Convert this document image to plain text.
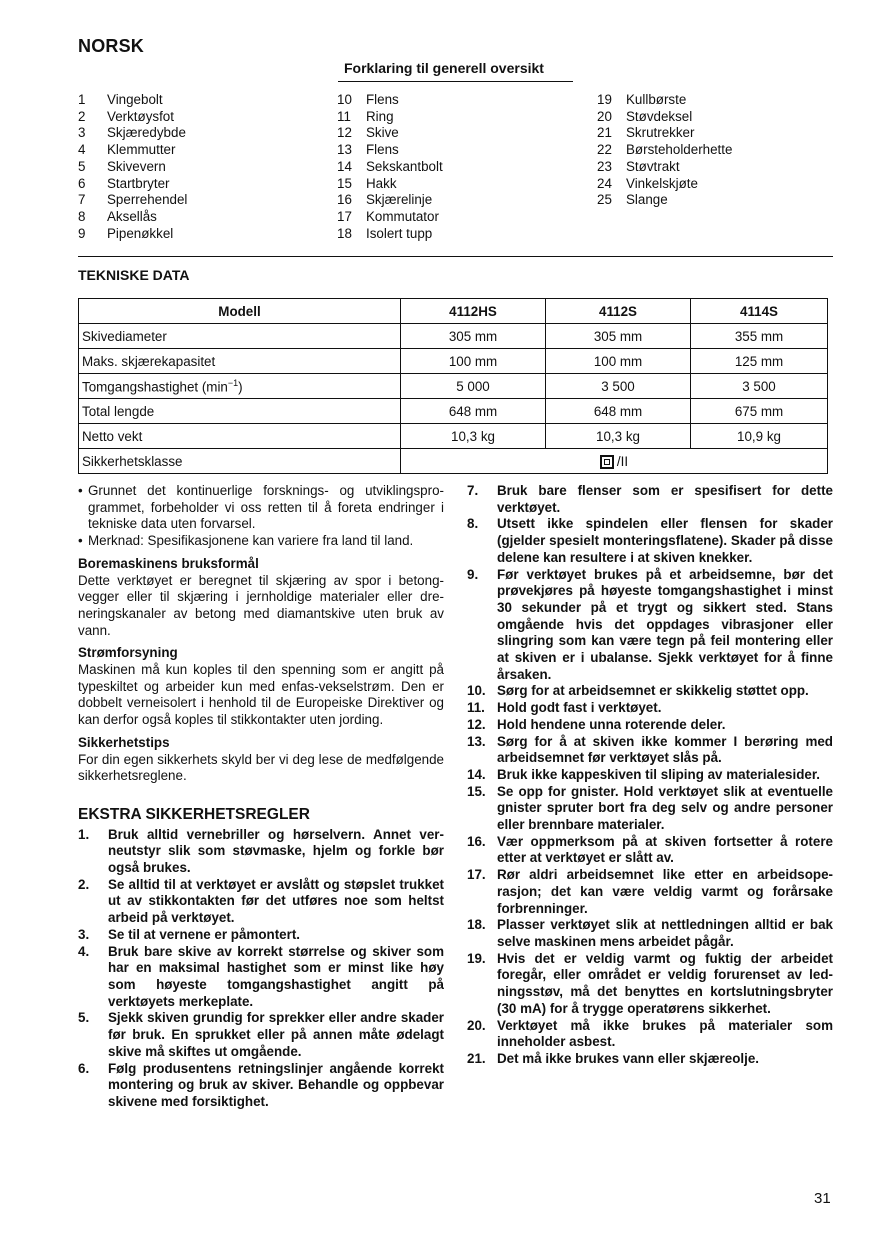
NORSK
Forklaring til generell oversikt
1	Vingebolt
2	Verktøysfot
3	Skjæredybde
4	Klemmutter
5	Skivevern
6	Startbryter
7	Sperrehendel
8	Aksellås
9	Pipenøkkel
10	Flens
11	Ring
12	Skive
13	Flens
14	Sekskantbolt
15	Hakk
16	Skjærelinje
17	Kommutator
18	Isolert tupp
19	Kullbørste
20	Støvdeksel
21	Skrutrekker
22	Børsteholderhette
23	Støvtrakt
24	Vinkelskjøte
25	Slange
TEKNISKE DATA
Modell	4112HS	4112S	4114S
Skivediameter	305 mm	305 mm	355 mm
Maks. skjærekapasitet	100 mm	100 mm	125 mm
Tomgangshastighet $(\min^{-1})$	5 000	3 500	3 500
Total lengde	648 mm	648 mm	675 mm
Netto vekt	10,3 kg	10,3 kg	10,9 kg
Sikkerhetsklasse	/II		
• Grunnet det kontinuerlige forsknings- og utviklingsprogrammet, forbeholder vi oss retten til å foreta endringer i tekniske data uten forvarsel.

• Merknad: Spesifikasjonene kan variere fra land til land.

Boremaskinens bruksformål

Dette verktøyet er beregnet til skjæring av spor i betongvegger eller til skjæring i jernholdige materialer eller dreneringskanaler av betong med diamantskive uten bruk av vann.

Strømforsyning

Maskinen må kun koples til den spenning som er angitt på typeskiltet og arbeider kun med enfas-vekselstrøm. Den er dobbelt verneisolert i henhold til de Europeiske Direktiver og kan derfor også koples til stikkontakter uten jording.

Sikkerhetstips

For din egen sikkerhets skyld ber vi deg lese de medfølgende sikkerhetsreglene.

EKSTRA SIKKERHETSREGLER
1.	Bruk alltid vernebriller og hørselvern. Annet verneutstyr slik som støvmaske, hjelm og forkle bør også brukes.
2.	Se alltid til at verktøyet er avslått og støpslet trukket ut av stikkontakten før det utføres noe som heltst arbeid på verktøyet.
3.	Se til at vernene er påmontert.
4.	Bruk bare skive av korrekt størrelse og skiver som har en maksimal hastighet som er minst like høy som høyeste tomgangshastighet angitt på verktøyets merkeplate.
5.	Sjekk skiven grundig for sprekker eller andre skader før bruk. En sprukket eller på annen måte ødelagt skive må skiftes ut omgående.
6.	Følg produsentens retningslinjer angående korrekt montering og bruk av skiver. Behandle og oppbevar skivene med forsiktighet.
7.	Bruk bare flenser som er spesifisert for dette verktøyet.
8.	Utsett ikke spindelen eller flensen for skader (gjelder spesielt monteringsflatene). Skader på disse delene kan resultere i at skiven knekker.
9.	Før verktøyet brukes på et arbeidsemne, bør det prøvekjøres på høyeste tomgangshastighet i minst 30 sekunder på et trygt og sikkert sted. Stans omgående hvis det oppdages vibrasjoner eller slingring som kan være tegn på feil montering eller at skiven er i ubalanse. Sjekk verktøyet for å finne årsaken.
10. Sørg for at arbeidsemnet er skikkelig støttet opp.
11. Hold godt fast i verktøyet.
12. Hold hendene unna roterende deler.
13. Sørg for å at skiven ikke kommer I berøring med arbeidsemnet før verktøyet slås på.
14. Bruk ikke kappeskiven til sliping av materialesider.
15. Se opp for gnister. Hold verktøyet slik at eventuelle gnister spruter bort fra deg selv og andre personer eller brennbare materialer.
16. Vær oppmerksom på at skiven fortsetter å rotere etter at verktøyet er slått av.
17. Rør aldri arbeidsemnet like etter en arbeidsoperasjon; det kan være veldig varmt og forårsake forbrenninger.
18. Plasser verktøyet slik at nettledningen alltid er bak selve maskinen mens arbeidet pågår.
19. Hvis det er veldig varmt og fuktig der arbeidet foregår, eller området er veldig forurenset av ledningsstøv, må det benyttes en kortslutningsbryter (30 mA) for å trygge operatørens sikkerhet.
20. Verktøyet må ikke brukes på materialer som inneholder asbest.
21. Det må ikke brukes vann eller skjæreolje.
31
